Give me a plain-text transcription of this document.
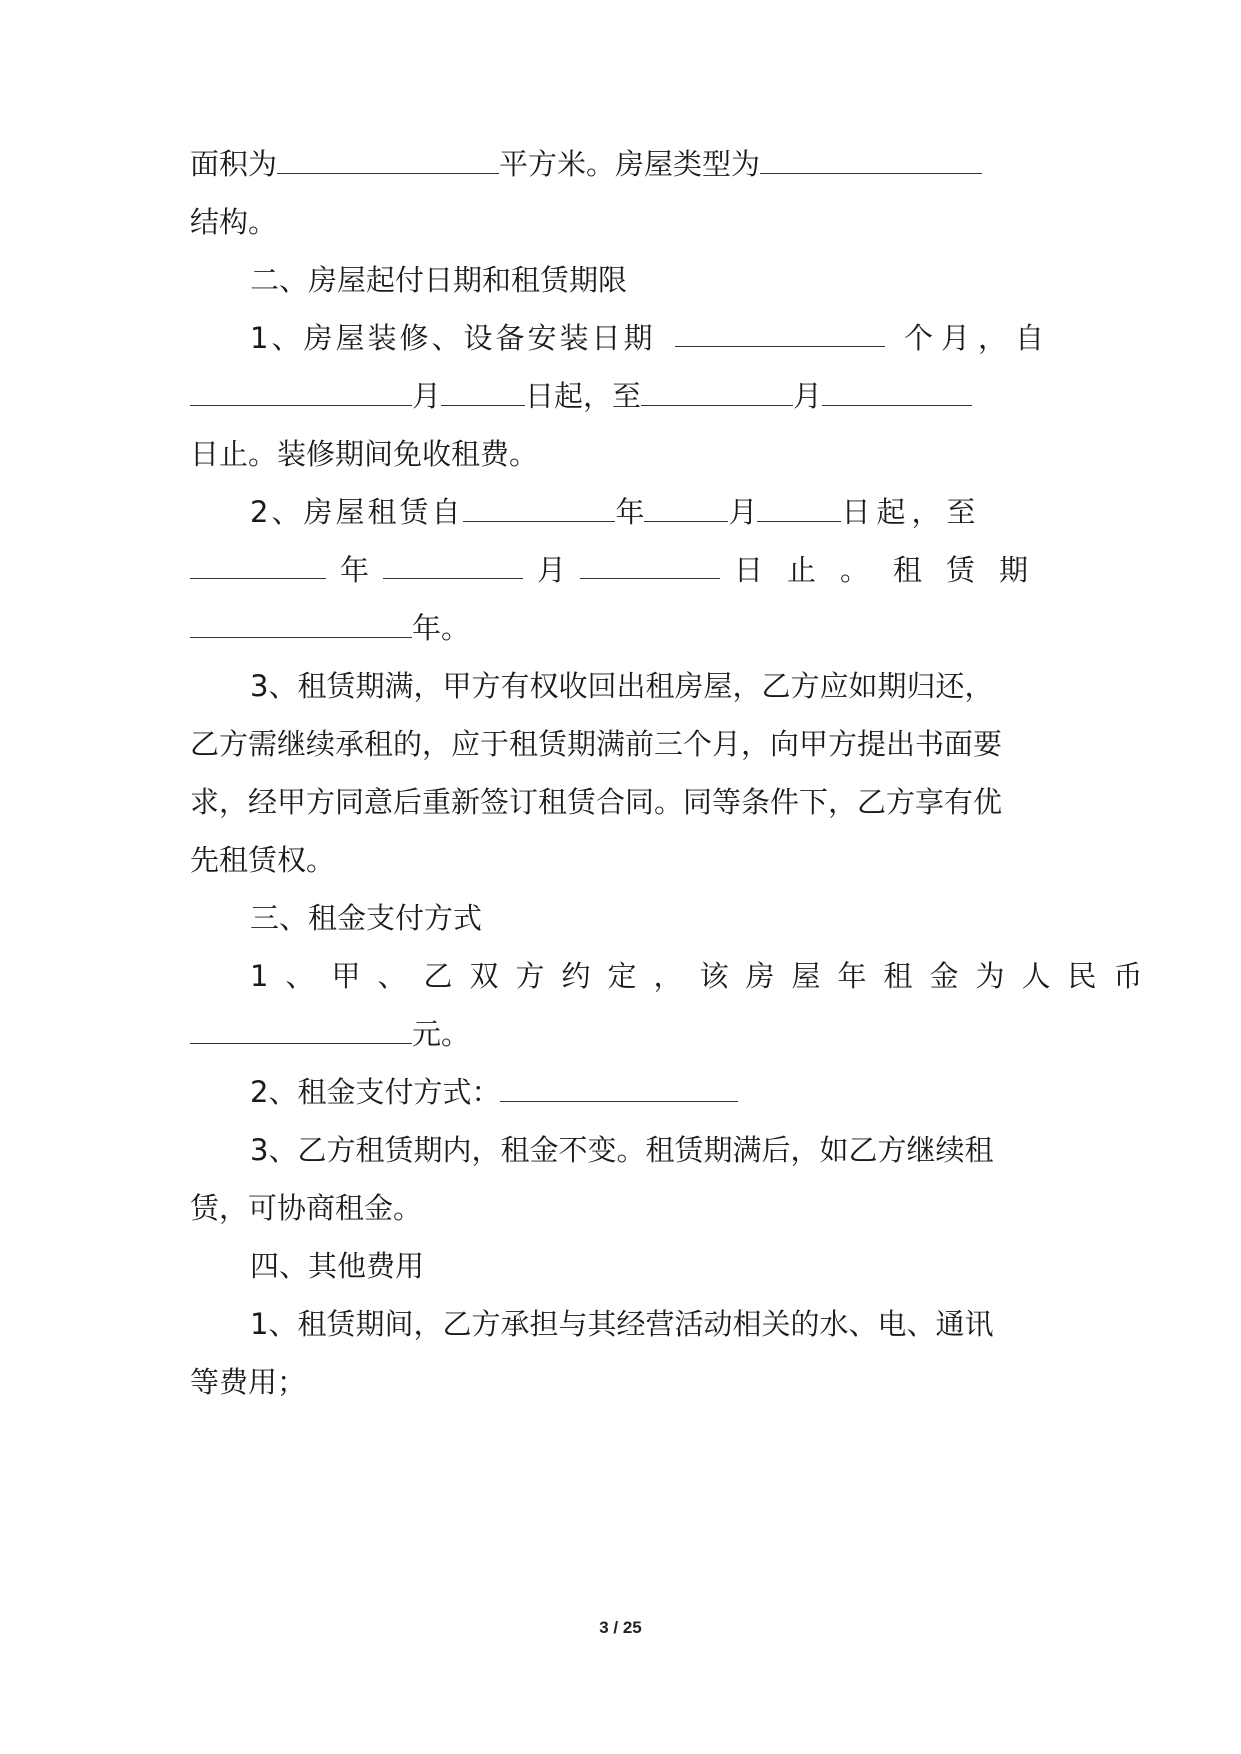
面积为	平方米。房屋类型为
结构。
二、房屋起付日期和租赁期限
1、房屋装修、设备安装日期	个月，自
月	日起，至	月
日止。装修期间免收租费。
2、房屋租赁自	年	月	日起，至
年	月	日止。租赁期
年。
3、租赁期满，甲方有权收回出租房屋，乙方应如期归还，
乙方需继续承租的，应于租赁期满前三个月，向甲方提出书面要
求，经甲方同意后重新签订租赁合同。同等条件下，乙方享有优
先租赁权。
三、租金支付方式
1、甲、乙双方约定，该房屋年租金为人民币
元。
2、租金支付方式：
3、乙方租赁期内，租金不变。租赁期满后，如乙方继续租
赁，可协商租金。
四、其他费用
1、租赁期间，乙方承担与其经营活动相关的水、电、通讯
等费用；
3 / 25
